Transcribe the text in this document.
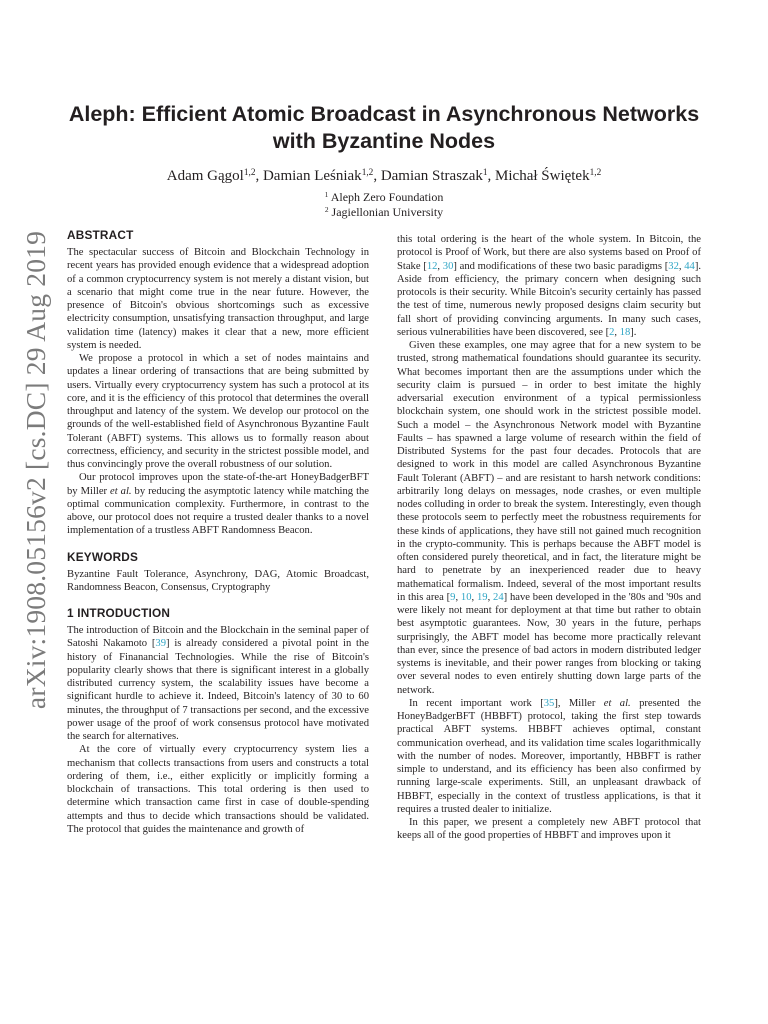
arXiv:1908.05156v2 [cs.DC] 29 Aug 2019
Aleph: Efficient Atomic Broadcast in Asynchronous Networks
with Byzantine Nodes
Adam Gągol$^{1,2}$, Damian Leśniak$^{1,2}$, Damian Straszak$^1$, Michał Świętek$^{1,2}$
$^1$ Aleph Zero Foundation
$^2$ Jagiellonian University
ABSTRACT

The spectacular success of Bitcoin and Blockchain Technology in recent years has provided enough evidence that a widespread adoption of a common cryptocurrency system is not merely a distant vision, but a scenario that might come true in the near future. However, the presence of Bitcoin's obvious shortcomings such as excessive electricity consumption, unsatisfying transaction throughput, and large validation time (latency) makes it clear that a new, more efficient system is needed.

We propose a protocol in which a set of nodes maintains and updates a linear ordering of transactions that are being submitted by users. Virtually every cryptocurrency system has such a protocol at its core, and it is the efficiency of this protocol that determines the overall throughput and latency of the system. We develop our protocol on the grounds of the well-established field of Asynchronous Byzantine Fault Tolerant (ABFT) systems. This allows us to formally reason about correctness, efficiency, and security in the strictest possible model, and thus convincingly prove the overall robustness of our solution.

Our protocol improves upon the state-of-the-art HoneyBadgerBFT by Miller et al. by reducing the asymptotic latency while matching the optimal communication complexity. Furthermore, in contrast to the above, our protocol does not require a trusted dealer thanks to a novel implementation of a trustless ABFT Randomness Beacon.

KEYWORDS

Byzantine Fault Tolerance, Asynchrony, DAG, Atomic Broadcast, Randomness Beacon, Consensus, Cryptography

1 INTRODUCTION

The introduction of Bitcoin and the Blockchain in the seminal paper of Satoshi Nakamoto [39] is already considered a pivotal point in the history of Finanancial Technologies. While the rise of Bitcoin's popularity clearly shows that there is significant interest in a globally distributed currency system, the scalability issues have become a significant hurdle to achieve it. Indeed, Bitcoin's latency of 30 to 60 minutes, the throughput of 7 transactions per second, and the excessive power usage of the proof of work consensus protocol have motivated the search for alternatives.

At the core of virtually every cryptocurrency system lies a mechanism that collects transactions from users and constructs a total ordering of them, i.e., either explicitly or implicitly forming a blockchain of transactions. This total ordering is then used to determine which transaction came first in case of double-spending attempts and thus to decide which transactions should be validated. The protocol that guides the maintenance and growth of

this total ordering is the heart of the whole system. In Bitcoin, the protocol is Proof of Work, but there are also systems based on Proof of Stake [12, 30] and modifications of these two basic paradigms [32, 44]. Aside from efficiency, the primary concern when designing such protocols is their security. While Bitcoin's security certainly has passed the test of time, numerous newly proposed designs claim security but fall short of providing convincing arguments. In many such cases, serious vulnerabilities have been discovered, see [2, 18].

Given these examples, one may agree that for a new system to be trusted, strong mathematical foundations should guarantee its security. What becomes important then are the assumptions under which the security claim is pursued – in order to best imitate the highly adversarial execution environment of a typical permissionless blockchain system, one should work in the strictest possible model. Such a model – the Asynchronous Network model with Byzantine Faults – has spawned a large volume of research within the field of Distributed Systems for the past four decades. Protocols that are designed to work in this model are called Asynchronous Byzantine Fault Tolerant (ABFT) – and are resistant to harsh network conditions: arbitrarily long delays on messages, node crashes, or even multiple nodes colluding in order to break the system. Interestingly, even though these protocols seem to perfectly meet the robustness requirements for these kinds of applications, they have still not gained much recognition in the crypto-community. This is perhaps because the ABFT model is often considered purely theoretical, and in fact, the literature might be hard to penetrate by an inexperienced reader due to heavy mathematical formalism. Indeed, several of the most important results in this area [9, 10, 19, 24] have been developed in the '80s and '90s and were likely not meant for deployment at that time but rather to obtain best asymptotic guarantees. Now, 30 years in the future, perhaps surprisingly, the ABFT model has become more practically relevant than ever, since the presence of bad actors in modern distributed ledger systems is inevitable, and their power ranges from blocking or taking over several nodes to even entirely shutting down large parts of the network.

In recent important work [35], Miller et al. presented the HoneyBadgerBFT (HBBFT) protocol, taking the first step towards practical ABFT systems. HBBFT achieves optimal, constant communication overhead, and its validation time scales logarithmically with the number of nodes. Moreover, importantly, HBBFT is rather simple to understand, and its efficiency has been also confirmed by running large-scale experiments. Still, an unpleasant drawback of HBBFT, especially in the context of trustless applications, is that it requires a trusted dealer to initialize.

In this paper, we present a completely new ABFT protocol that keeps all of the good properties of HBBFT and improves upon it
